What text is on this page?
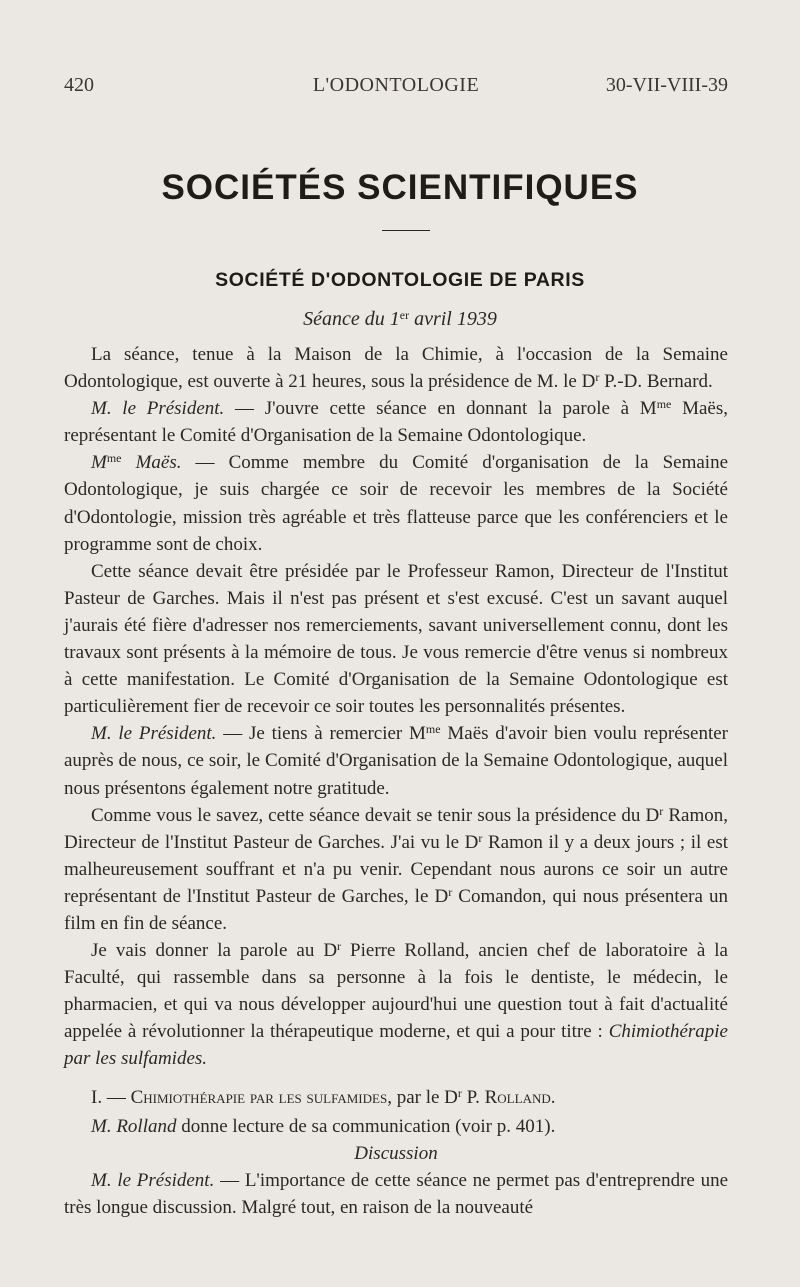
420	L'ODONTOLOGIE	30-VII-VIII-39
SOCIÉTÉS SCIENTIFIQUES
SOCIÉTÉ D'ODONTOLOGIE DE PARIS
Séance du 1er avril 1939

La séance, tenue à la Maison de la Chimie, à l'occasion de la Semaine Odontologique, est ouverte à 21 heures, sous la présidence de M. le $D^r$ P.-D. Bernard.

M. le Président. — J'ouvre cette séance en donnant la parole à $M^{me}$ Maës, représentant le Comité d'Organisation de la Semaine Odontologique.

$M^{me}$ Maës. — Comme membre du Comité d'organisation de la Semaine Odontologique, je suis chargée ce soir de recevoir les membres de la Société d'Odontologie, mission très agréable et très flatteuse parce que les conférenciers et le programme sont de choix.

Cette séance devait être présidée par le Professeur Ramon, Directeur de l'Institut Pasteur de Garches. Mais il n'est pas présent et s'est excusé. C'est un savant auquel j'aurais été fière d'adresser nos remerciements, savant universellement connu, dont les travaux sont présents à la mémoire de tous. Je vous remercie d'être venus si nombreux à cette manifestation. Le Comité d'Organisation de la Semaine Odontologique est particulièrement fier de recevoir ce soir toutes les personnalités présentes.

M. le Président. — Je tiens à remercier $M^{me}$ Maës d'avoir bien voulu représenter auprès de nous, ce soir, le Comité d'Organisation de la Semaine Odontologique, auquel nous présentons également notre gratitude.

Comme vous le savez, cette séance devait se tenir sous la présidence du $D^r$ Ramon, Directeur de l'Institut Pasteur de Garches. J'ai vu le $D^r$ Ramon il y a deux jours ; il est malheureusement souffrant et n'a pu venir. Cependant nous aurons ce soir un autre représentant de l'Institut Pasteur de Garches, le $D^r$ Comandon, qui nous présentera un film en fin de séance.

Je vais donner la parole au $D^r$ Pierre Rolland, ancien chef de laboratoire à la Faculté, qui rassemble dans sa personne à la fois le dentiste, le médecin, le pharmacien, et qui va nous développer aujourd'hui une question tout à fait d'actualité appelée à révolutionner la thérapeutique moderne, et qui a pour titre : Chimiothérapie par les sulfamides.

I. — Chimiothérapie par les sulfamides, par le $D^r$ P. Rolland.

M. Rolland donne lecture de sa communication (voir p. 401).

Discussion

M. le Président. — L'importance de cette séance ne permet pas d'entreprendre une très longue discussion. Malgré tout, en raison de la nouveauté
